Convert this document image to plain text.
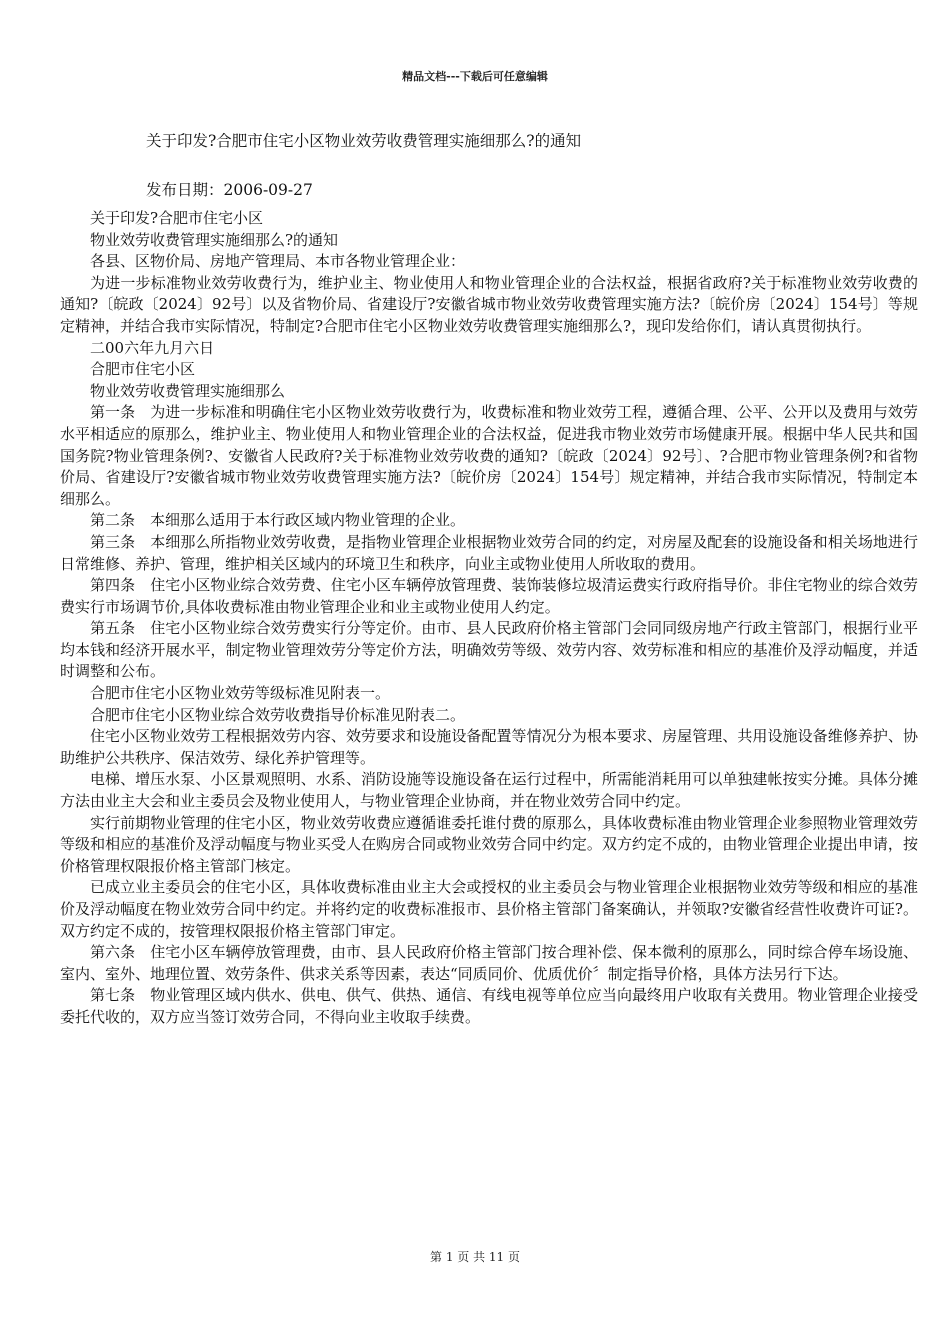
精品文档---下载后可任意编辑
关于印发?合肥市住宅小区物业效劳收费管理实施细那么?的通知
发布日期：2006-09-27

关于印发?合肥市住宅小区

物业效劳收费管理实施细那么?的通知

各县、区物价局、房地产管理局、本市各物业管理企业：

为进一步标准物业效劳收费行为，维护业主、物业使用人和物业管理企业的合法权益，根据省政府?关于标准物业效劳收费的通知?〔皖政〔2024〕92号〕以及省物价局、省建设厅?安徽省城市物业效劳收费管理实施方法?〔皖价房〔2024〕154号〕等规定精神，并结合我市实际情况，特制定?合肥市住宅小区物业效劳收费管理实施细那么?，现印发给你们，请认真贯彻执行。

二00六年九月六日

合肥市住宅小区

物业效劳收费管理实施细那么

第一条　为进一步标准和明确住宅小区物业效劳收费行为，收费标准和物业效劳工程，遵循合理、公平、公开以及费用与效劳水平相适应的原那么，维护业主、物业使用人和物业管理企业的合法权益，促进我市物业效劳市场健康开展。根据中华人民共和国国务院?物业管理条例?、安徽省人民政府?关于标准物业效劳收费的通知?〔皖政〔2024〕92号〕、?合肥市物业管理条例?和省物价局、省建设厅?安徽省城市物业效劳收费管理实施方法?〔皖价房〔2024〕154号〕规定精神，并结合我市实际情况，特制定本细那么。

第二条　本细那么适用于本行政区域内物业管理的企业。

第三条　本细那么所指物业效劳收费，是指物业管理企业根据物业效劳合同的约定，对房屋及配套的设施设备和相关场地进行日常维修、养护、管理，维护相关区域内的环境卫生和秩序，向业主或物业使用人所收取的费用。

第四条　住宅小区物业综合效劳费、住宅小区车辆停放管理费、装饰装修垃圾清运费实行政府指导价。非住宅物业的综合效劳费实行市场调节价,具体收费标准由物业管理企业和业主或物业使用人约定。

第五条　住宅小区物业综合效劳费实行分等定价。由市、县人民政府价格主管部门会同同级房地产行政主管部门，根据行业平均本钱和经济开展水平，制定物业管理效劳分等定价方法，明确效劳等级、效劳内容、效劳标准和相应的基准价及浮动幅度，并适时调整和公布。

合肥市住宅小区物业效劳等级标准见附表一。

合肥市住宅小区物业综合效劳收费指导价标准见附表二。

住宅小区物业效劳工程根据效劳内容、效劳要求和设施设备配置等情况分为根本要求、房屋管理、共用设施设备维修养护、协助维护公共秩序、保洁效劳、绿化养护管理等。

电梯、增压水泵、小区景观照明、水系、消防设施等设施设备在运行过程中，所需能消耗用可以单独建帐按实分摊。具体分摊方法由业主大会和业主委员会及物业使用人，与物业管理企业协商，并在物业效劳合同中约定。

实行前期物业管理的住宅小区，物业效劳收费应遵循谁委托谁付费的原那么，具体收费标准由物业管理企业参照物业管理效劳等级和相应的基准价及浮动幅度与物业买受人在购房合同或物业效劳合同中约定。双方约定不成的，由物业管理企业提出申请，按价格管理权限报价格主管部门核定。

已成立业主委员会的住宅小区，具体收费标准由业主大会或授权的业主委员会与物业管理企业根据物业效劳等级和相应的基准价及浮动幅度在物业效劳合同中约定。并将约定的收费标准报市、县价格主管部门备案确认，并领取?安徽省经营性收费许可证?。双方约定不成的，按管理权限报价格主管部门审定。

第六条　住宅小区车辆停放管理费，由市、县人民政府价格主管部门按合理补偿、保本微利的原那么，同时综合停车场设施、室内、室外、地理位置、效劳条件、供求关系等因素，表达“同质同价、优质优价〞制定指导价格，具体方法另行下达。

第七条　物业管理区域内供水、供电、供气、供热、通信、有线电视等单位应当向最终用户收取有关费用。物业管理企业接受委托代收的，双方应当签订效劳合同，不得向业主收取手续费。

第 1 页 共 11 页
